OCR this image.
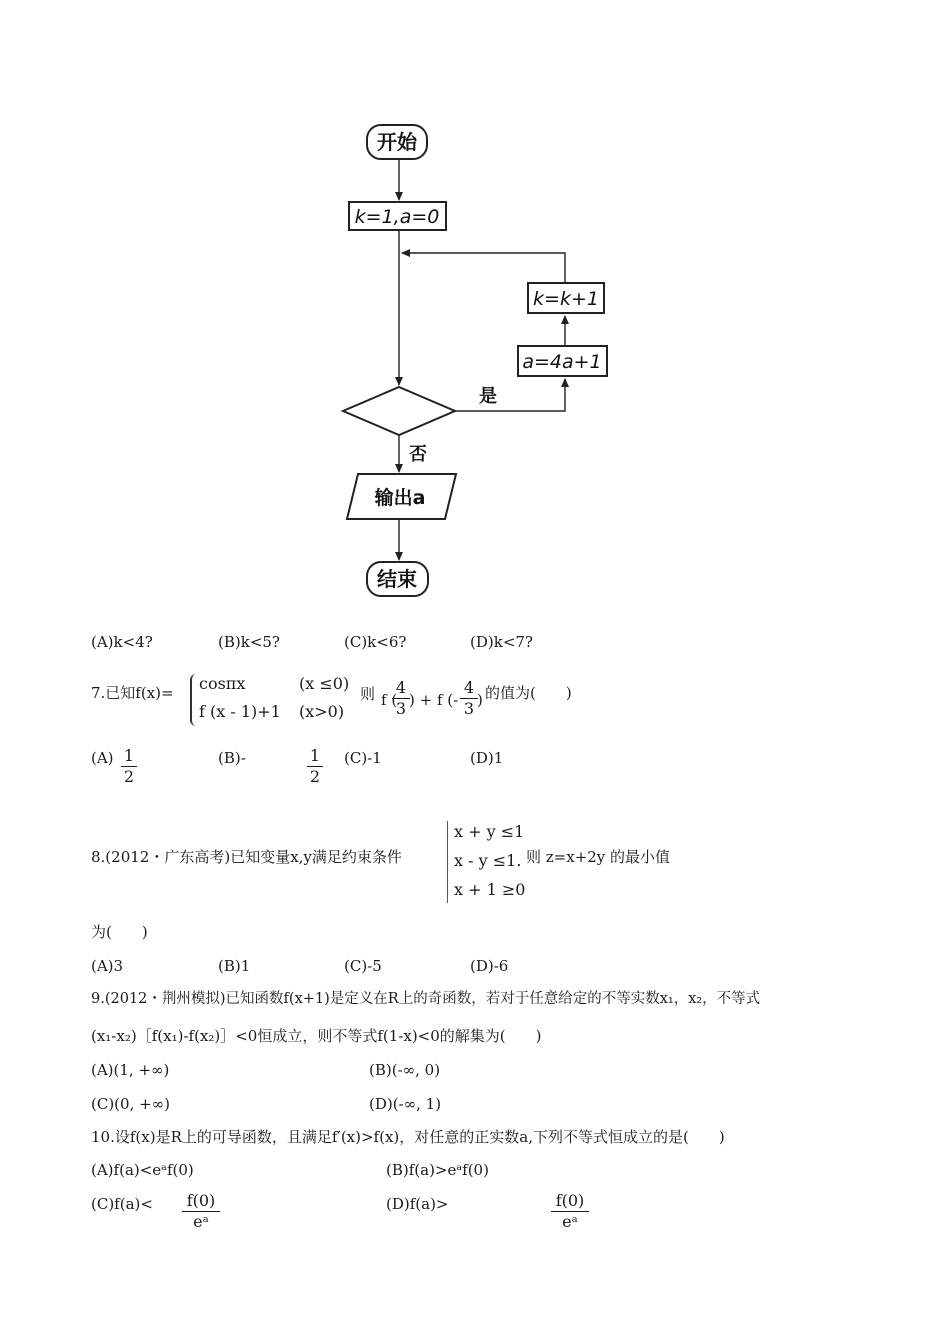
开始
k=1,a=0
k=k+1
a=4a+1
是
否
输出a
结束
(A)k<4?	(B)k<5?	(C)k<6?	(D)k<7?
7.已知f(x)= cosπx	(x ≤0)
f (x - 1)+1 (x>0)
则 f (
4
3 ) + f (-
4
3 ) 的值为(　　)
(A) 1
2
(B)-	1
2
(C)-1	(D)1
8.(2012・广东高考)已知变量x,y满足约束条件
x + y ≤1
x - y ≤1.
x + 1 ≥0
则 z=x+2y 的最小值
为(　　)
(A)3	(B)1	(C)-5	(D)-6
9.(2012・荆州模拟)已知函数f(x+1)是定义在R上的奇函数，若对于任意给定的不等实数x₁，x₂，不等式
(x₁-x₂)［f(x₁)-f(x₂)］<0恒成立，则不等式f(1-x)<0的解集为(　　)
(A)(1, +∞)	(B)(-∞, 0)
(C)(0, +∞)	(D)(-∞, 1)
10.设f(x)是R上的可导函数，且满足f′(x)>f(x)，对任意的正实数a,下列不等式恒成立的是(　　)
(A)f(a)<eᵃf(0)	(B)f(a)>eᵃf(0)
(C)f(a)< f(0)
eᵃ
(D)f(a)>	f(0)
eᵃ
